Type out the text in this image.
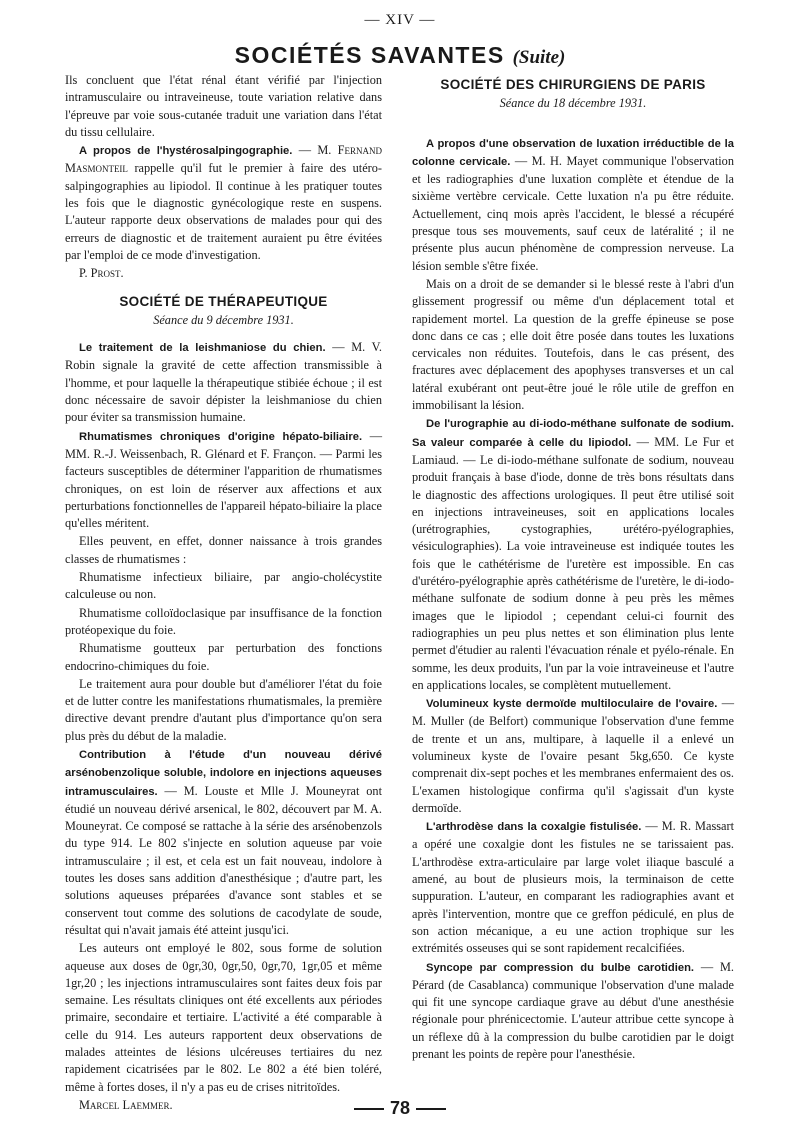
— XIV —
SOCIÉTÉS SAVANTES (Suite)

Ils concluent que l'état rénal étant vérifié par l'injection intramusculaire ou intraveineuse, toute variation relative dans l'épreuve par voie sous-cutanée traduit une variation dans l'état du tissu cellulaire.

A propos de l'hystérosalpingographie. — M. Fernand Masmonteil rappelle qu'il fut le premier à faire des utéro-salpingographies au lipiodol. Il continue à les pratiquer toutes les fois que le diagnostic gynécologique reste en suspens. L'auteur rapporte deux observations de malades pour qui des erreurs de diagnostic et de traitement auraient pu être évitées par l'emploi de ce mode d'investigation.

P. Prost.

SOCIÉTÉ DE THÉRAPEUTIQUE
Séance du 9 décembre 1931.

Le traitement de la leishmaniose du chien. — M. V. Robin signale la gravité de cette affection transmissible à l'homme, et pour laquelle la thérapeutique stibiée échoue ; il est donc nécessaire de savoir dépister la leishmaniose du chien pour éviter sa transmission humaine.

Rhumatismes chroniques d'origine hépato-biliaire. — MM. R.-J. Weissenbach, R. Glénard et F. Françon. — Parmi les facteurs susceptibles de déterminer l'apparition de rhumatismes chroniques, on est loin de réserver aux affections et aux perturbations fonctionnelles de l'appareil hépato-biliaire la place qu'elles méritent.

Elles peuvent, en effet, donner naissance à trois grandes classes de rhumatismes :

Rhumatisme infectieux biliaire, par angio-cholécystite calculeuse ou non.

Rhumatisme colloïdoclasique par insuffisance de la fonction protéopexique du foie.

Rhumatisme goutteux par perturbation des fonctions endocrino-chimiques du foie.

Le traitement aura pour double but d'améliorer l'état du foie et de lutter contre les manifestations rhumatismales, la première directive devant prendre d'autant plus d'importance qu'on sera plus près du début de la maladie.

Contribution à l'étude d'un nouveau dérivé arsénobenzolique soluble, indolore en injections aqueuses intramusculaires. — M. Louste et Mlle J. Mouneyrat ont étudié un nouveau dérivé arsenical, le 802, découvert par M. A. Mouneyrat. Ce composé se rattache à la série des arsénobenzols du type 914. Le 802 s'injecte en solution aqueuse par voie intramusculaire ; il est, et cela est un fait nouveau, indolore à toutes les doses sans addition d'anesthésique ; d'autre part, les solutions aqueuses préparées d'avance sont stables et se conservent tout comme des solutions de cacodylate de soude, résultat qui n'avait jamais été atteint jusqu'ici.

Les auteurs ont employé le 802, sous forme de solution aqueuse aux doses de 0gr,30, 0gr,50, 0gr,70, 1gr,05 et même 1gr,20 ; les injections intramusculaires sont faites deux fois par semaine. Les résultats cliniques ont été excellents aux périodes primaire, secondaire et tertiaire. L'activité a été comparable à celle du 914. Les auteurs rapportent deux observations de malades atteintes de lésions ulcéreuses tertiaires du nez rapidement cicatrisées par le 802. Le 802 a été bien toléré, même à fortes doses, il n'y a pas eu de crises nitritoïdes.

Marcel Laemmer.

SOCIÉTÉ DES CHIRURGIENS DE PARIS
Séance du 18 décembre 1931.

A propos d'une observation de luxation irréductible de la colonne cervicale. — M. H. Mayet communique l'observation et les radiographies d'une luxation complète et étendue de la sixième vertèbre cervicale. Cette luxation n'a pu être réduite. Actuellement, cinq mois après l'accident, le blessé a récupéré presque tous ses mouvements, sauf ceux de latéralité ; il ne présente plus aucun phénomène de compression nerveuse. La lésion semble s'être fixée.

Mais on a droit de se demander si le blessé reste à l'abri d'un glissement progressif ou même d'un déplacement total et rapidement mortel. La question de la greffe épineuse se pose donc dans ce cas ; elle doit être posée dans toutes les luxations cervicales non réduites. Toutefois, dans le cas présent, des fractures avec déplacement des apophyses transverses et un cal latéral exubérant ont peut-être joué le rôle utile de greffon en immobilisant la lésion.

De l'urographie au di-iodo-méthane sulfonate de sodium. Sa valeur comparée à celle du lipiodol. — MM. Le Fur et Lamiaud. — Le di-iodo-méthane sulfonate de sodium, nouveau produit français à base d'iode, donne de très bons résultats dans le diagnostic des affections urologiques. Il peut être utilisé soit en injections intraveineuses, soit en applications locales (urétrographies, cystographies, urétéro-pyélographies, vésiculographies). La voie intraveineuse est indiquée toutes les fois que le cathétérisme de l'uretère est impossible. En cas d'urétéro-pyélographie après cathétérisme de l'uretère, le di-iodo-méthane sulfonate de sodium donne à peu près les mêmes images que le lipiodol ; cependant celui-ci fournit des radiographies un peu plus nettes et son élimination plus lente permet d'étudier au ralenti l'évacuation rénale et pyélo-rénale. En somme, les deux produits, l'un par la voie intraveineuse et l'autre en applications locales, se complètent mutuellement.

Volumineux kyste dermoïde multiloculaire de l'ovaire. — M. Muller (de Belfort) communique l'observation d'une femme de trente et un ans, multipare, à laquelle il a enlevé un volumineux kyste de l'ovaire pesant 5kg,650. Ce kyste comprenait dix-sept poches et les membranes enfermaient des os. L'examen histologique confirma qu'il s'agissait d'un kyste dermoïde.

L'arthrodèse dans la coxalgie fistulisée. — M. R. Massart a opéré une coxalgie dont les fistules ne se tarissaient pas. L'arthrodèse extra-articulaire par large volet iliaque basculé a amené, au bout de plusieurs mois, la terminaison de cette suppuration. L'auteur, en comparant les radiographies avant et après l'intervention, montre que ce greffon pédiculé, en plus de son action mécanique, a eu une action trophique sur les extrémités osseuses qui se sont rapidement recalcifiées.

Syncope par compression du bulbe carotidien. — M. Pérard (de Casablanca) communique l'observation d'une malade qui fit une syncope cardiaque grave au début d'une anesthésie régionale pour phrénicectomie. L'auteur attribue cette syncope à un réflexe dû à la compression du bulbe carotidien par le doigt prenant les points de repère pour l'anesthésie.

78
